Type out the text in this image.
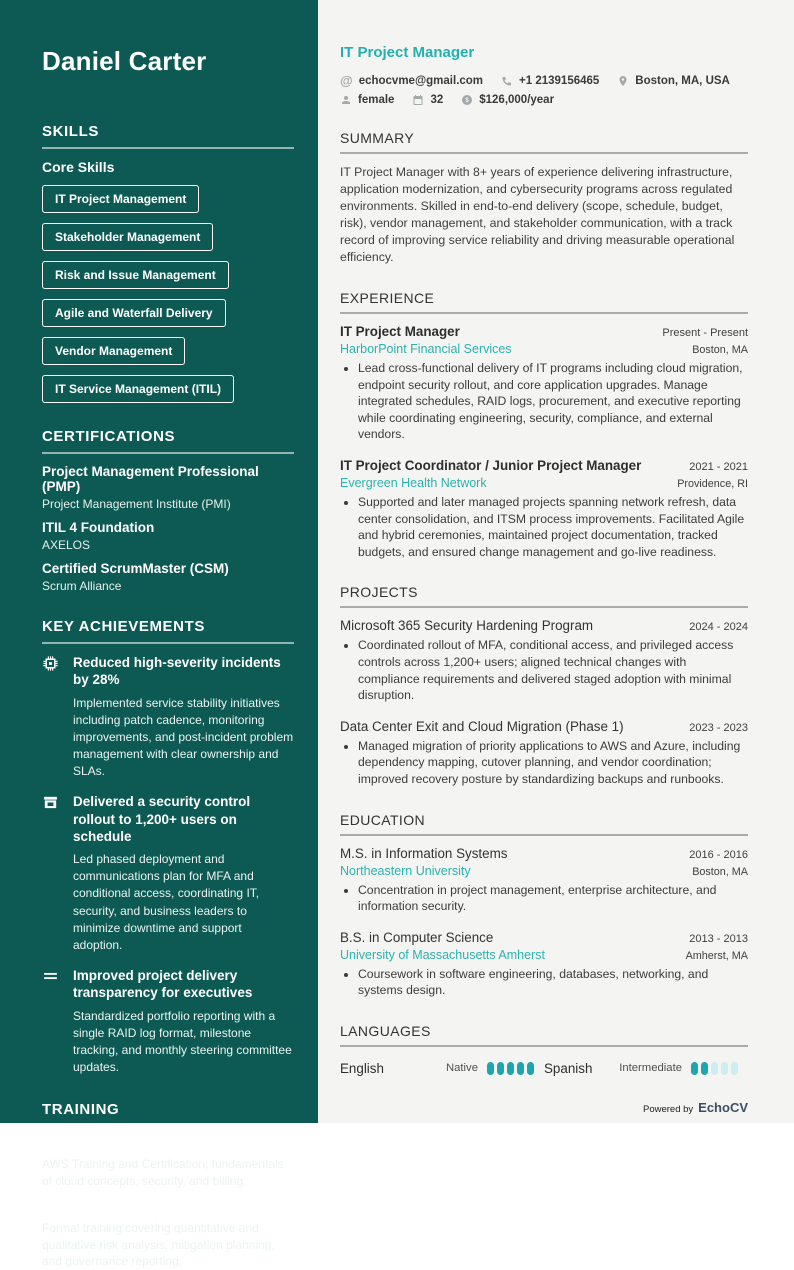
Daniel Carter
SKILLS
Core Skills
IT Project Management
Stakeholder Management
Risk and Issue Management
Agile and Waterfall Delivery
Vendor Management
IT Service Management (ITIL)
CERTIFICATIONS
Project Management Professional (PMP)
Project Management Institute (PMI)
ITIL 4 Foundation
AXELOS
Certified ScrumMaster (CSM)
Scrum Alliance
KEY ACHIEVEMENTS
Reduced high-severity incidents by 28%
Implemented service stability initiatives including patch cadence, monitoring improvements, and post-incident problem management with clear ownership and SLAs.
Delivered a security control rollout to 1,200+ users on schedule
Led phased deployment and communications plan for MFA and conditional access, coordinating IT, security, and business leaders to minimize downtime and support adoption.
Improved project delivery transparency for executives
Standardized portfolio reporting with a single RAID log format, milestone tracking, and monthly steering committee updates.
TRAINING
AWS Cloud Practitioner Essentials
AWS Training and Certification; fundamentals of cloud concepts, security, and billing.
Risk Management for IT Projects
Formal training covering quantitative and qualitative risk analysis, mitigation planning, and governance reporting.
IT Project Manager
@ echocvme@gmail.com	+1 2139156465	Boston, MA, USA
female	32 $ $126,000/year
SUMMARY

IT Project Manager with 8+ years of experience delivering infrastructure, application modernization, and cybersecurity programs across regulated environments. Skilled in end-to-end delivery (scope, schedule, budget, risk), vendor management, and stakeholder communication, with a track record of improving service reliability and driving measurable operational efficiency.

EXPERIENCE
IT Project Manager	Present - Present
HarborPoint Financial Services	Boston, MA
• Lead cross-functional delivery of IT programs including cloud migration, endpoint security rollout, and core application upgrades. Manage integrated schedules, RAID logs, procurement, and executive reporting while coordinating engineering, security, compliance, and external vendors.
IT Project Coordinator / Junior Project Manager	2021 - 2021
Evergreen Health Network	Providence, RI
• Supported and later managed projects spanning network refresh, data center consolidation, and ITSM process improvements. Facilitated Agile and hybrid ceremonies, maintained project documentation, tracked budgets, and ensured change management and go-live readiness.
PROJECTS
Microsoft 365 Security Hardening Program	2024 - 2024
• Coordinated rollout of MFA, conditional access, and privileged access controls across 1,200+ users; aligned technical changes with compliance requirements and delivered staged adoption with minimal disruption.
Data Center Exit and Cloud Migration (Phase 1)	2023 - 2023
• Managed migration of priority applications to AWS and Azure, including dependency mapping, cutover planning, and vendor coordination; improved recovery posture by standardizing backups and runbooks.
EDUCATION
M.S. in Information Systems	2016 - 2016
Northeastern University	Boston, MA
• Concentration in project management, enterprise architecture, and information security.
B.S. in Computer Science	2013 - 2013
University of Massachusetts Amherst	Amherst, MA
• Coursework in software engineering, databases, networking, and systems design.
LANGUAGES
English	Native	Spanish	Intermediate
Powered by EchoCV
